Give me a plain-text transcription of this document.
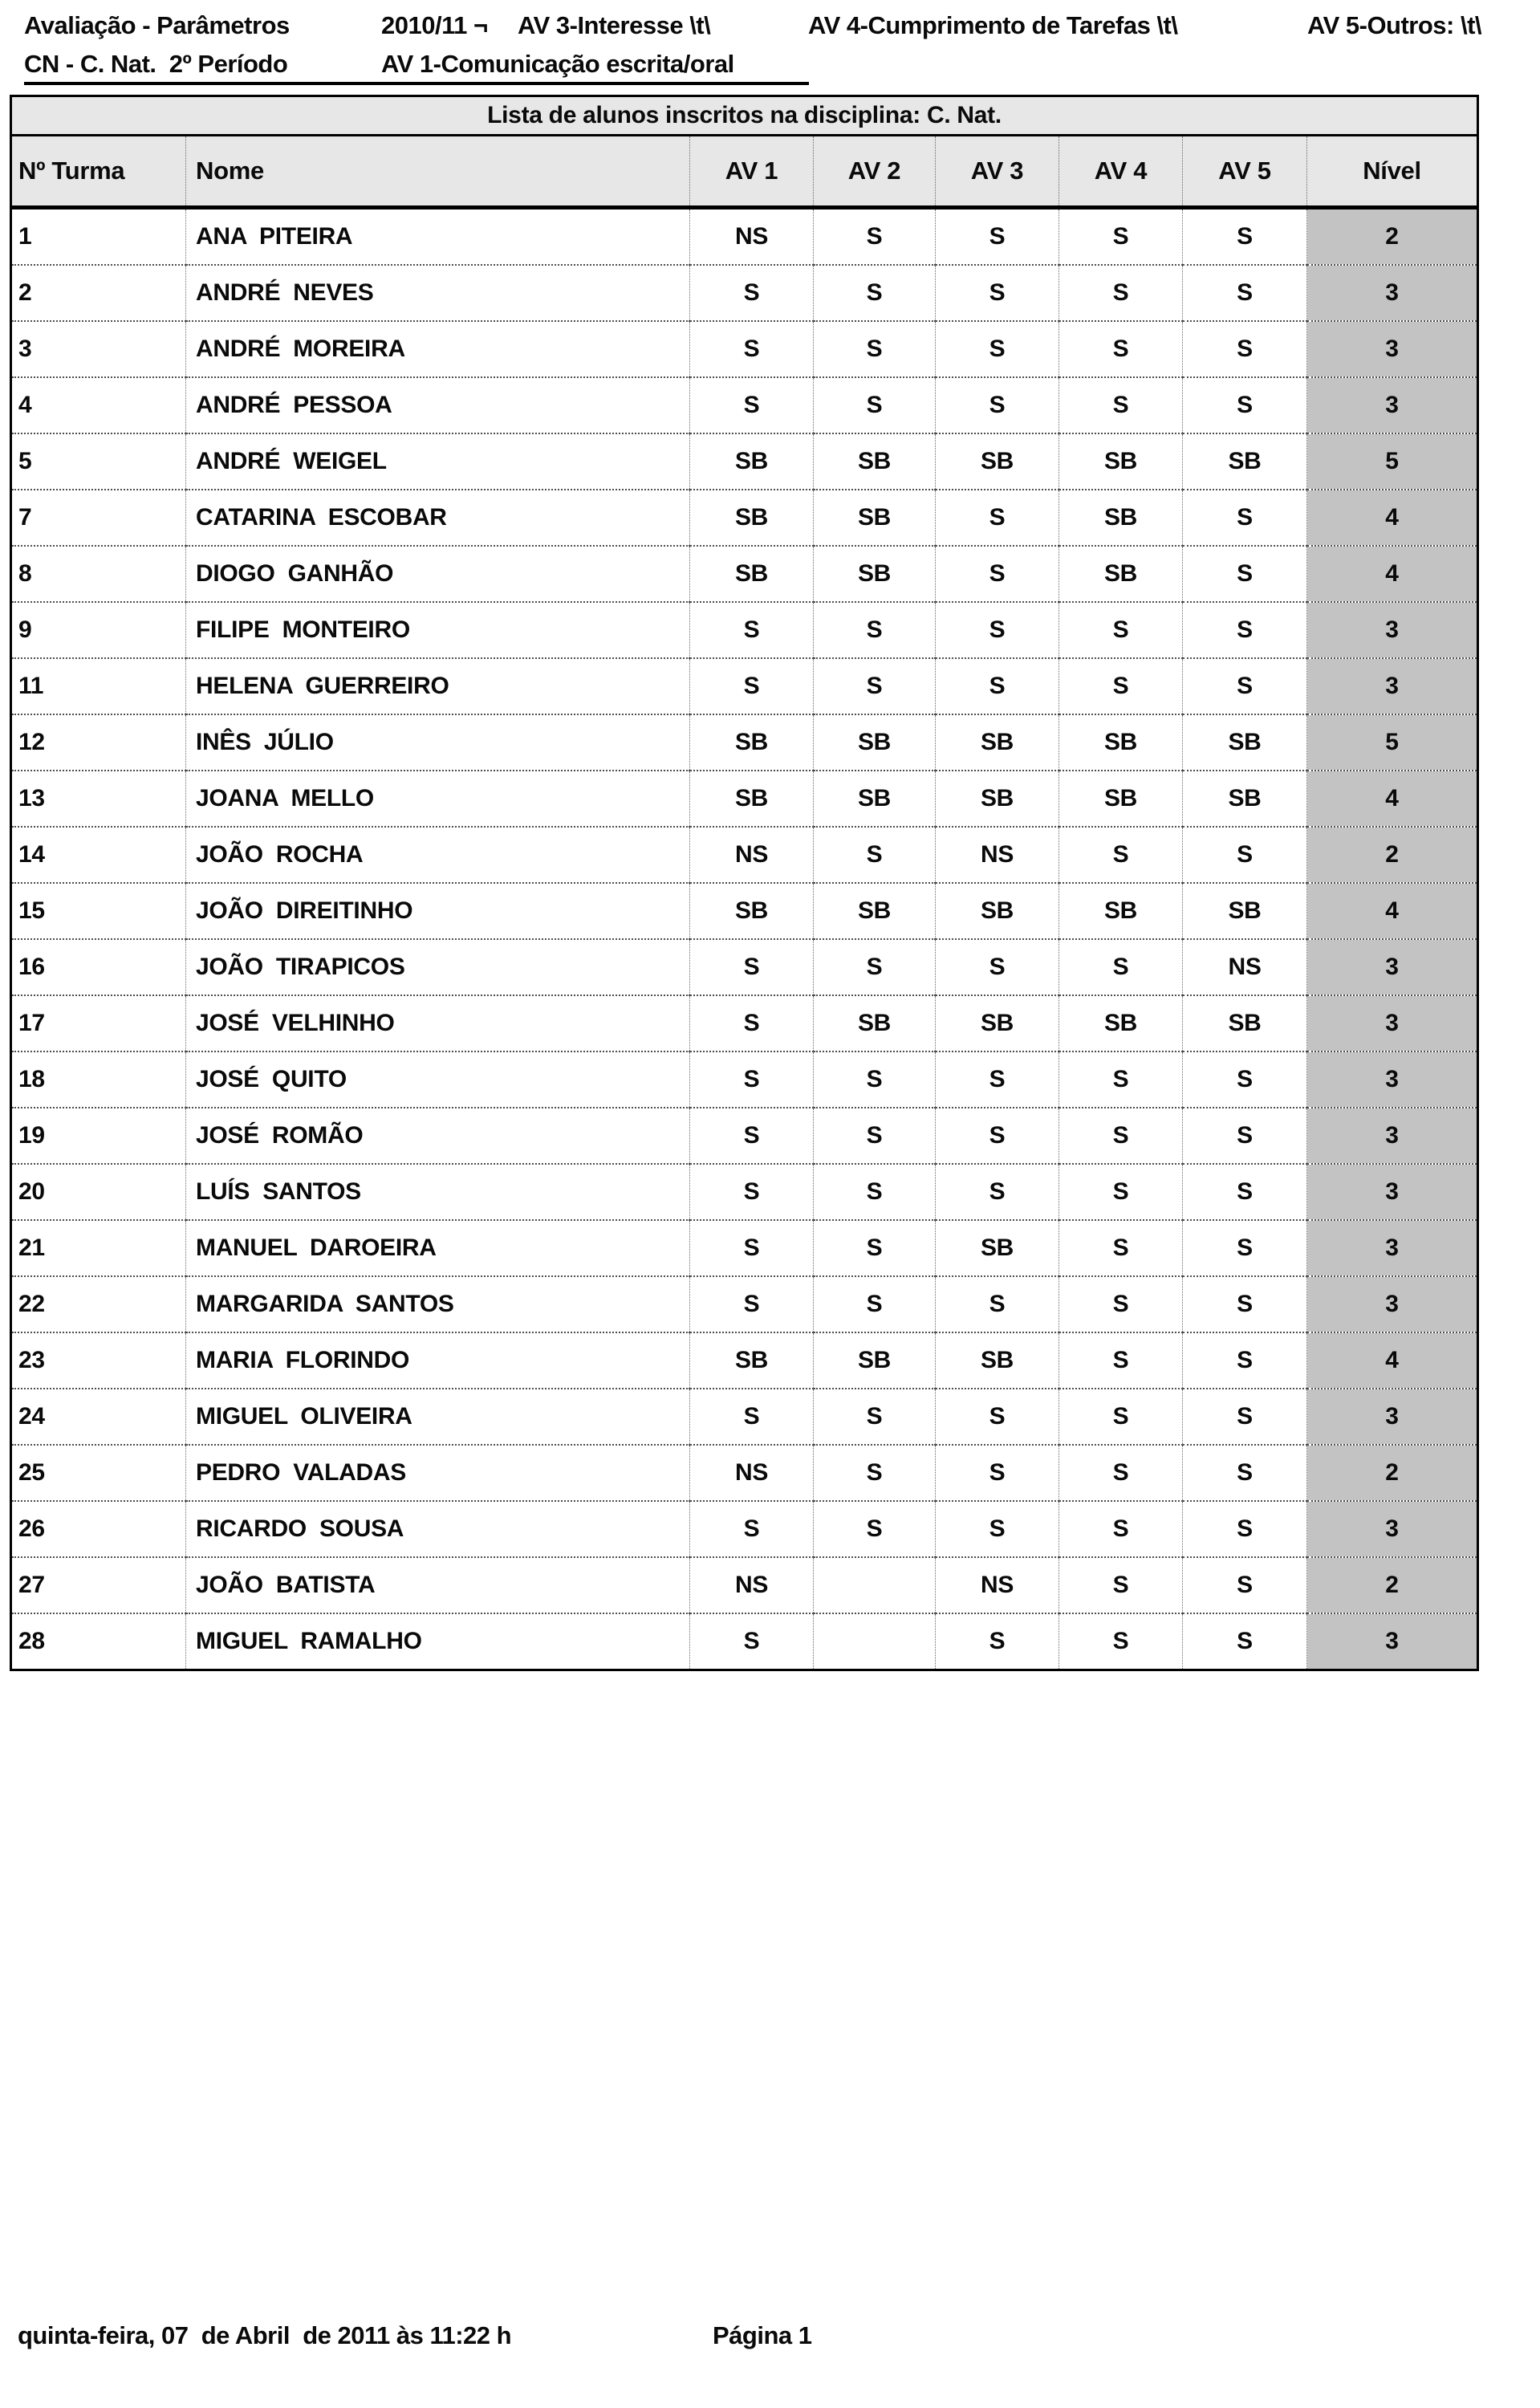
Avaliação - Parâmetros

	2010/11 ¬

AV 3-Interesse \t\

	AV 4-Cumprimento de Tarefas \t\

	AV 5-Outros: \t\

CN - C. Nat.  2º Período

	AV 1-Comunicação escrita/oral

Lista de alunos inscritos na disciplina: C. Nat.							
Nº Turma	Nome	AV 1	AV 2	AV 3	AV 4	AV 5	Nível
1	ANA  PITEIRA	NS	S	S	S	S	2
2	ANDRÉ  NEVES	S	S	S	S	S	3
3	ANDRÉ  MOREIRA	S	S	S	S	S	3
4	ANDRÉ  PESSOA	S	S	S	S	S	3
5	ANDRÉ  WEIGEL	SB	SB	SB	SB	SB	5
7	CATARINA  ESCOBAR	SB	SB	S	SB	S	4
8	DIOGO  GANHÃO	SB	SB	S	SB	S	4
9	FILIPE  MONTEIRO	S	S	S	S	S	3
11	HELENA  GUERREIRO	S	S	S	S	S	3
12	INÊS  JÚLIO	SB	SB	SB	SB	SB	5
13	JOANA  MELLO	SB	SB	SB	SB	SB	4
14	JOÃO  ROCHA	NS	S	NS	S	S	2
15	JOÃO  DIREITINHO	SB	SB	SB	SB	SB	4
16	JOÃO  TIRAPICOS	S	S	S	S	NS	3
17	JOSÉ  VELHINHO	S	SB	SB	SB	SB	3
18	JOSÉ  QUITO	S	S	S	S	S	3
19	JOSÉ  ROMÃO	S	S	S	S	S	3
20	LUÍS  SANTOS	S	S	S	S	S	3
21	MANUEL  DAROEIRA	S	S	SB	S	S	3
22	MARGARIDA  SANTOS	S	S	S	S	S	3
23	MARIA  FLORINDO	SB	SB	SB	S	S	4
24	MIGUEL  OLIVEIRA	S	S	S	S	S	3
25	PEDRO  VALADAS	NS	S	S	S	S	2
26	RICARDO  SOUSA	S	S	S	S	S	3
27	JOÃO  BATISTA	NS		NS	S	S	2
28	MIGUEL  RAMALHO	S		S	S	S	3

quinta-feira, 07  de Abril  de 2011 às 11:22 h

	Página 1
